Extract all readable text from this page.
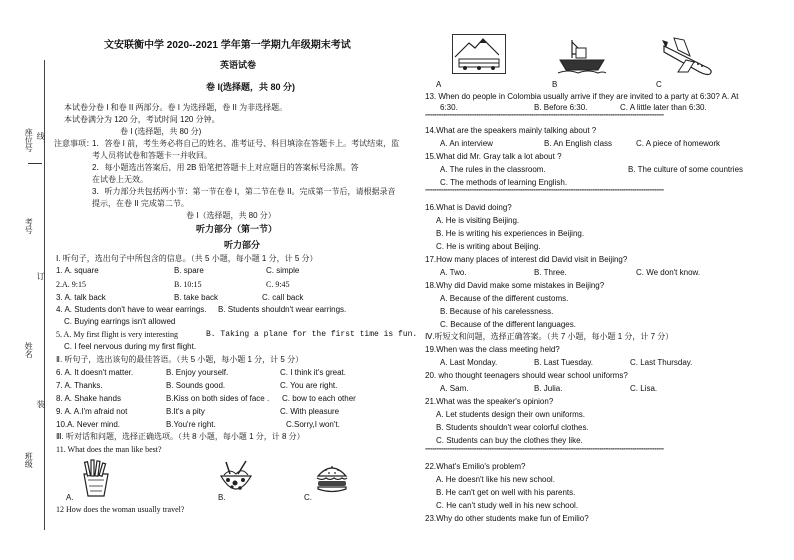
座位号 线
考号
订
姓名
装
班级
文安联衡中学 2020--2021 学年第一学期九年级期末考试
英语试卷
卷 I(选择题，共 80 分)
本试卷分卷 I 和卷 II 两部分。卷 I 为选择题，卷 II 为非选择题。
本试卷满分为 120 分，考试时间 120 分钟。
卷 I (选择题，共 80 分)
注意事项：
1．答卷 I 前，考生务必将自己的姓名、准考证号、科目填涂在答题卡上。考试结束，监
考人员将试卷和答题卡一并收回。
2．每小题选出答案后，用 2B 铅笔把答题卡上对应题目的答案标号涂黑。答
在试卷上无效。
3．听力部分共包括两小节：第一节在卷 I，第二节在卷 II。完成第一节后，请根据录音
提示，在卷 II 完成第二节。
卷 I（选择题，共 80 分）
听力部分（第一节）
听力部分
Ⅰ. 听句子，选出句子中所包含的信息。（共 5 小题，每小题 1 分，计 5 分）
1. A. square	B. spare	C. simple
2.A. 9:15	B. 10:15	C. 9:45
3. A. talk back	B. take back	C. call back
4. A. Students don't have to wear earrings. B. Students shouldn't wear earrings.
C. Buying earrings isn't allowed
5. A. My first flight is very interesting	B. Taking a plane for the first time is fun.
C. I feel nervous during my first flight.
Ⅱ. 听句子，选出该句的最佳答语。（共 5 小题，每小题 1 分，计 5 分）
6. A. It doesn't matter.	B. Enjoy yourself.	C. I think it's great.
7. A. Thanks.	B. Sounds good.	C. You are right.
8. A. Shake hands	B.Kiss on both sides of face . C. bow to each other
9. A. A.I'm afraid not	B.It's a pity	C. With pleasure
10.A. Never mind.	B.You're right.	C.Sorry,I won't.
Ⅲ. 听对话和问题，选择正确选项。（共 8 小题，每小题 1 分，计 8 分）
11. What does the man like best?
A.	B.	C.
12 How does the woman usually travel?
A	B	C
13. When do people in Colombia usually arrive if they are invited to a party at 6:30? A. At
6:30.	B. Before 6:30.	C. A little later than 6:30.
**********************************************************************************************************************************
14.What are the speakers mainly talking about ?
A. An interview	B. An English class	C. A piece of homework
15.What did Mr. Gray talk a lot about ?
A. The rules in the classroom.	B. The culture of some countries
C. The methods of learning English.
**********************************************************************************************************************************
16.What is David doing?
A. He is visiting Beijing.
B. He is writing his experiences in Beijing.
C. He is writing about Beijing.
17.How many places of interest did David visit in Beijing?
A. Two.	B. Three.	C. We don't know.
18.Why did David make some mistakes in Beijing?
A. Because of the different customs.
B. Because of his carelessness.
C. Because of the different languages.
Ⅳ.听短文和问题，选择正确答案。（共 7 小题，每小题 1 分，计 7 分）
19.When was the class meeting held?
A. Last Monday.	B. Last Tuesday.	C. Last Thursday.
20. who thought teenagers should wear school uniforms?
A. Sam.	B. Julia.	C. Lisa.
21.What was the speaker's opinion?
A. Let students design their own uniforms.
B. Students shouldn't wear colorful clothes.
C. Students can buy the clothes they like.
**********************************************************************************************************************************
22.What's Emilio's problem?
A. He doesn't like his new school.
B. He can't get on well with his parents.
C. He can't study well in his new school.
23.Why do other students make fun of Emilio?
